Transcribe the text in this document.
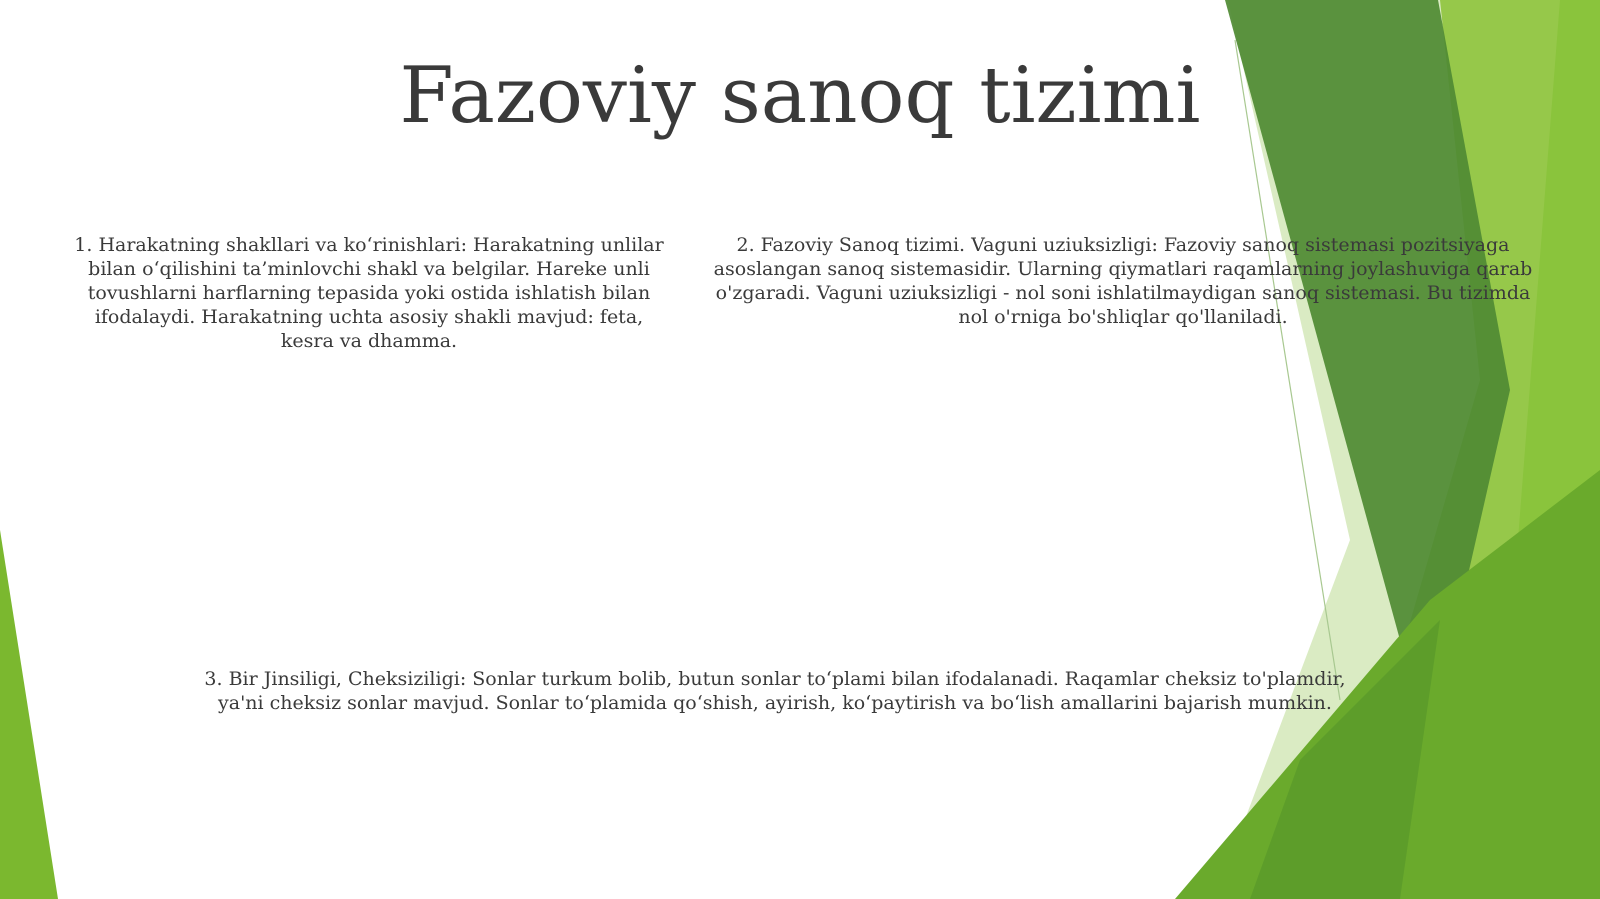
Fazoviy sanoq tizimi

1. Harakatning shakllari va ko‘rinishlari: Harakatning unlilar bilan o‘qilishini ta’minlovchi shakl va belgilar. Hareke unli tovushlarni harflarning tepasida yoki ostida ishlatish bilan ifodalaydi. Harakatning uchta asosiy shakli mavjud: feta, kesra va dhamma.

2. Fazoviy Sanoq tizimi. Vaguni uziuksizligi: Fazoviy sanoq sistemasi pozitsiyaga asoslangan sanoq sistemasidir. Ularning qiymatlari raqamlarning joylashuviga qarab o'zgaradi. Vaguni uziuksizligi - nol soni ishlatilmaydigan sanoq sistemasi. Bu tizimda nol o'rniga bo'shliqlar qo'llaniladi.

3. Bir Jinsiligi, Cheksiziligi: Sonlar turkum bolib, butun sonlar to‘plami bilan ifodalanadi. Raqamlar cheksiz to'plamdir, ya'ni cheksiz sonlar mavjud. Sonlar to‘plamida qo‘shish, ayirish, ko‘paytirish va bo‘lish amallarini bajarish mumkin.
